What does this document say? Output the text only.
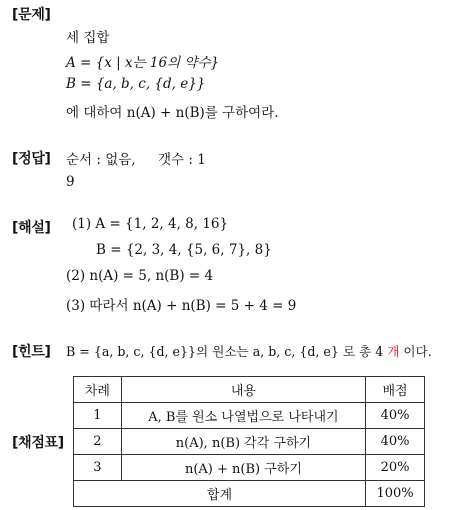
[문제]
세 집합
A = {x | x는 16의 약수}
B = {a, b, c, {d, e}}
에 대하여 n(A) + n(B)를 구하여라.
[정답] 순서 : 없음, 갯수 : 1
9
[해설] (1) A = {1, 2, 4, 8, 16}
B = {2, 3, 4, {5, 6, 7}, 8}
(2) n(A) = 5, n(B) = 4
(3) 따라서 n(A) + n(B) = 5 + 4 = 9
[힌트] B = {a, b, c, {d, e}}의 원소는 a, b, c, {d, e} 로 총 4 개 이다.
[채점표]
차례	내용	배점
1	A, B를 원소 나열법으로 나타내기	40%
2	n(A), n(B) 각각 구하기	40%
3	n(A) + n(B) 구하기	20%
합계		100%
